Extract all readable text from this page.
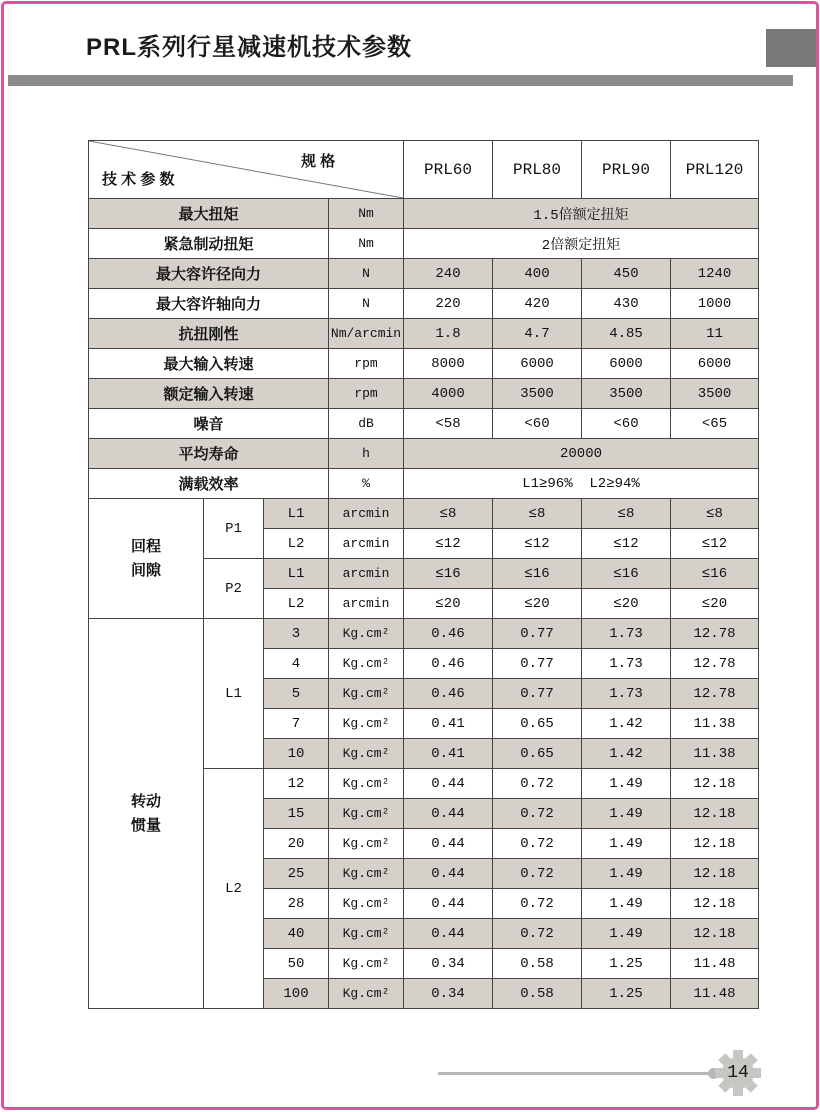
PRL系列行星减速机技术参数
规 格
技 术 参 数				PRL60	PRL80	PRL90	PRL120
最大扭矩			Nm	1.5倍额定扭矩			
紧急制动扭矩			Nm	2倍额定扭矩			
最大容许径向力			N	240	400	450	1240
最大容许轴向力			N	220	420	430	1000
抗扭刚性			Nm/arcmin	1.8	4.7	4.85	11
最大输入转速			rpm	8000	6000	6000	6000
额定输入转速			rpm	4000	3500	3500	3500
噪音			dB	<58	<60	<60	<65
平均寿命			h	20000			
满载效率			%	L1≥96%  L2≥94%			

回程
间隙	P1	L1	arcmin	≤8	≤8	≤8	≤8
		L2	arcmin	≤12	≤12	≤12	≤12
	P2	L1	arcmin	≤16	≤16	≤16	≤16
		L2	arcmin	≤20	≤20	≤20	≤20

转动
惯量	L1	3	Kg.cm²	0.46	0.77	1.73	12.78
		4	Kg.cm²	0.46	0.77	1.73	12.78
		5	Kg.cm²	0.46	0.77	1.73	12.78
		7	Kg.cm²	0.41	0.65	1.42	11.38
		10	Kg.cm²	0.41	0.65	1.42	11.38
	L2	12	Kg.cm²	0.44	0.72	1.49	12.18
		15	Kg.cm²	0.44	0.72	1.49	12.18
		20	Kg.cm²	0.44	0.72	1.49	12.18
		25	Kg.cm²	0.44	0.72	1.49	12.18
		28	Kg.cm²	0.44	0.72	1.49	12.18
		40	Kg.cm²	0.44	0.72	1.49	12.18
		50	Kg.cm²	0.34	0.58	1.25	11.48
		100	Kg.cm²	0.34	0.58	1.25	11.48
14
